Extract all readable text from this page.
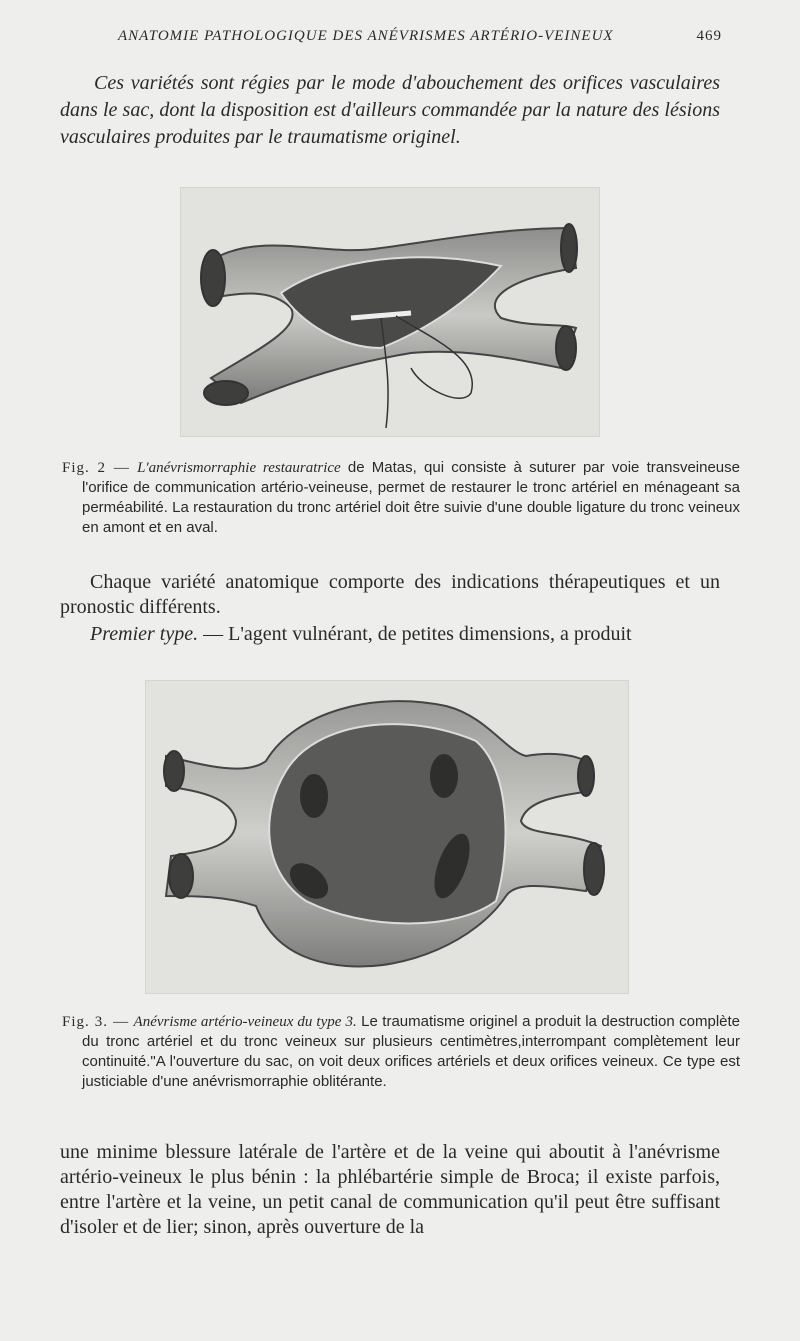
ANATOMIE PATHOLOGIQUE DES ANÉVRISMES ARTÉRIO-VEINEUX	469

Ces variétés sont régies par le mode d'abouchement des orifices vasculaires dans le sac, dont la disposition est d'ailleurs commandée par la nature des lésions vasculaires produites par le traumatisme originel.

Fig. 2 — L'anévrismorraphie restauratrice de Matas, qui consiste à suturer par voie transveineuse l'orifice de communication artério-veineuse, permet de restaurer le tronc artériel en ménageant sa perméabilité. La restauration du tronc artériel doit être suivie d'une double ligature du tronc veineux en amont et en aval.

Chaque variété anatomique comporte des indications thérapeutiques et un pronostic différents.

Premier type. — L'agent vulnérant, de petites dimensions, a produit

Fig. 3. — Anévrisme artério-veineux du type 3. Le traumatisme originel a produit la destruction complète du tronc artériel et du tronc veineux sur plusieurs centimètres,interrompant complètement leur continuité."A l'ouverture du sac, on voit deux orifices artériels et deux orifices veineux. Ce type est justiciable d'une anévrismorraphie oblitérante.

une minime blessure latérale de l'artère et de la veine qui aboutit à l'anévrisme artério-veineux le plus bénin : la phlébartérie simple de Broca; il existe parfois, entre l'artère et la veine, un petit canal de communication qu'il peut être suffisant d'isoler et de lier; sinon, après ouverture de la
